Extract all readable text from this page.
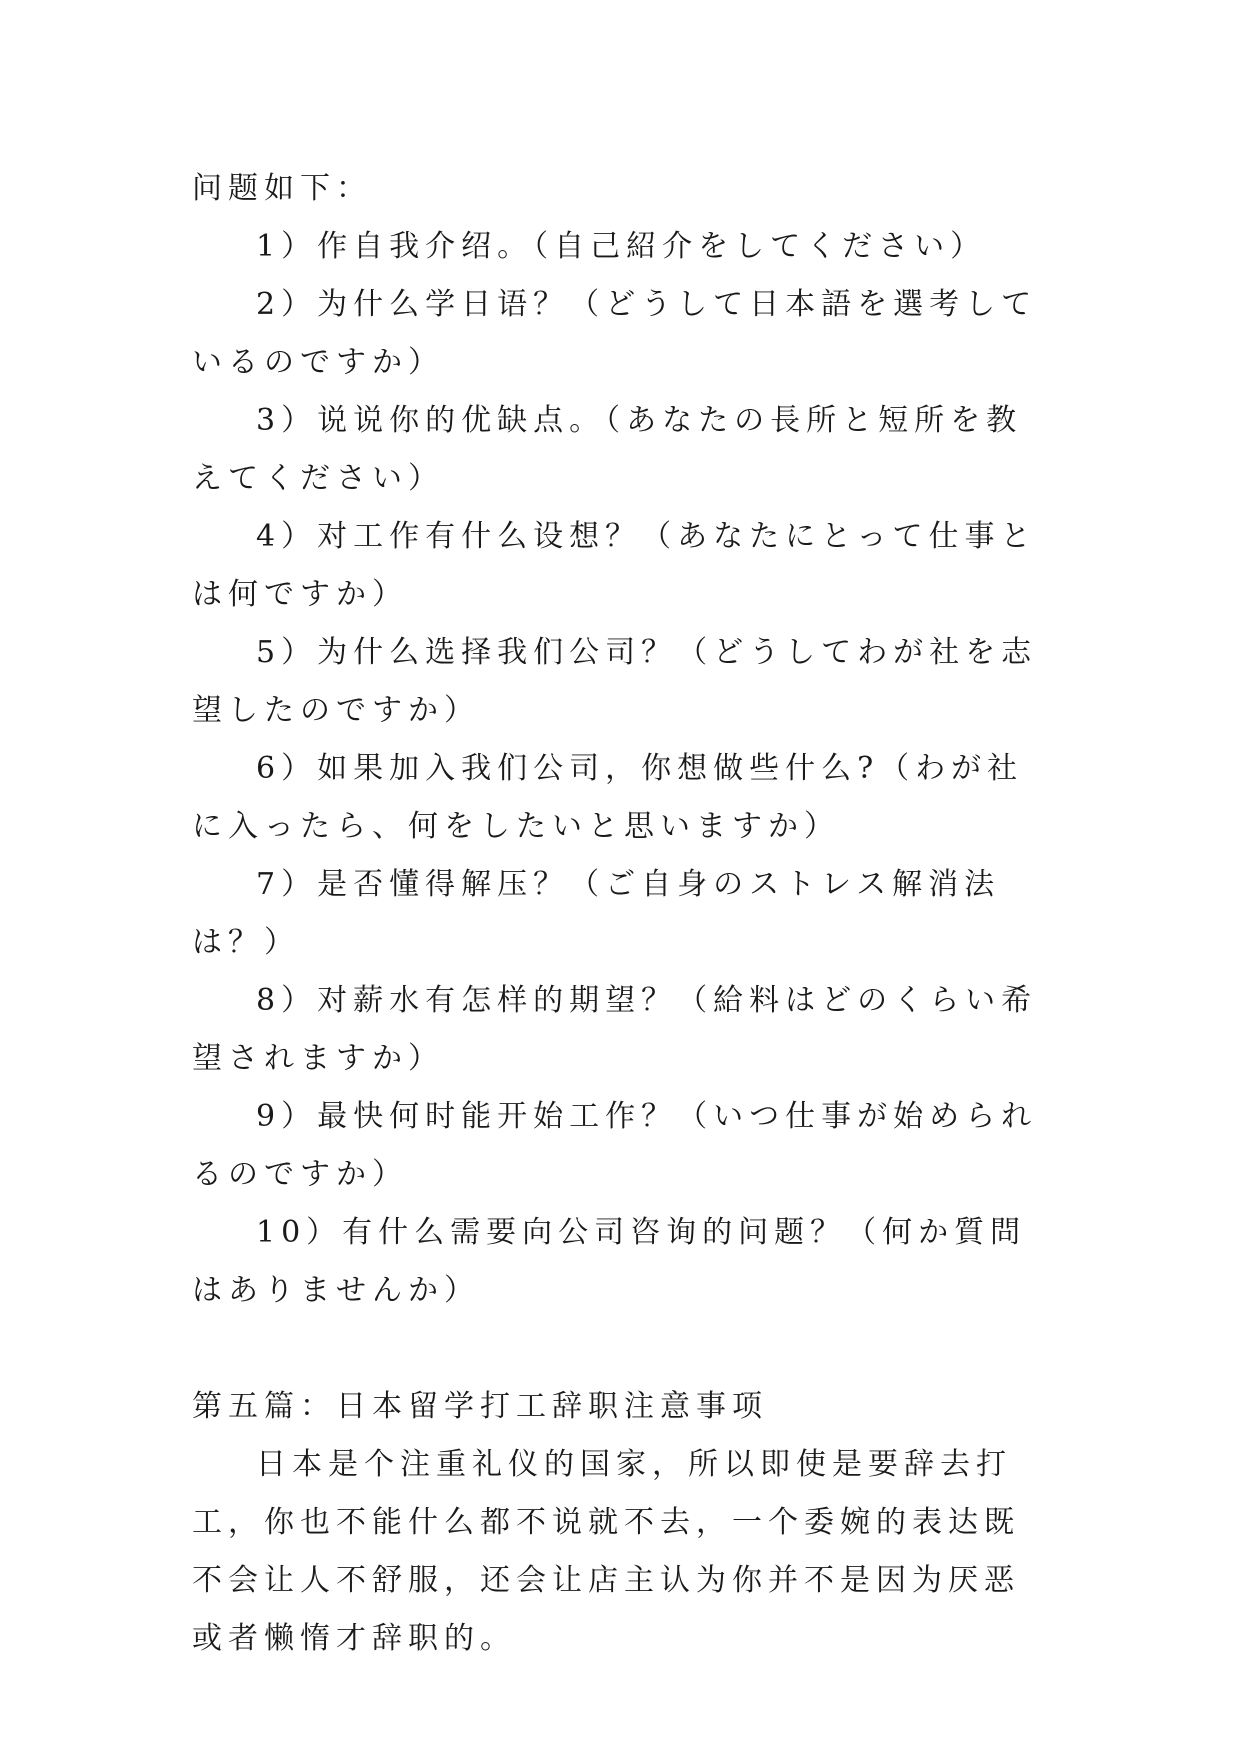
问题如下：

1）作自我介绍。（自己紹介をしてください）

2）为什么学日语？（どうして日本語を選考しているのですか）

3）说说你的优缺点。（あなたの長所と短所を教えてください）

4）对工作有什么设想？（あなたにとって仕事とは何ですか）

5）为什么选择我们公司？（どうしてわが社を志望したのですか）

6）如果加入我们公司，你想做些什么?（わが社に入ったら、何をしたいと思いますか）

7）是否懂得解压？（ご自身のストレス解消法は？）

8）对薪水有怎样的期望？（給料はどのくらい希望されますか）

9）最快何时能开始工作？（いつ仕事が始められるのですか）

10）有什么需要向公司咨询的问题？（何か質問はありませんか）

第五篇：日本留学打工辞职注意事项

日本是个注重礼仪的国家，所以即使是要辞去打工，你也不能什么都不说就不去，一个委婉的表达既不会让人不舒服，还会让店主认为你并不是因为厌恶或者懒惰才辞职的。
